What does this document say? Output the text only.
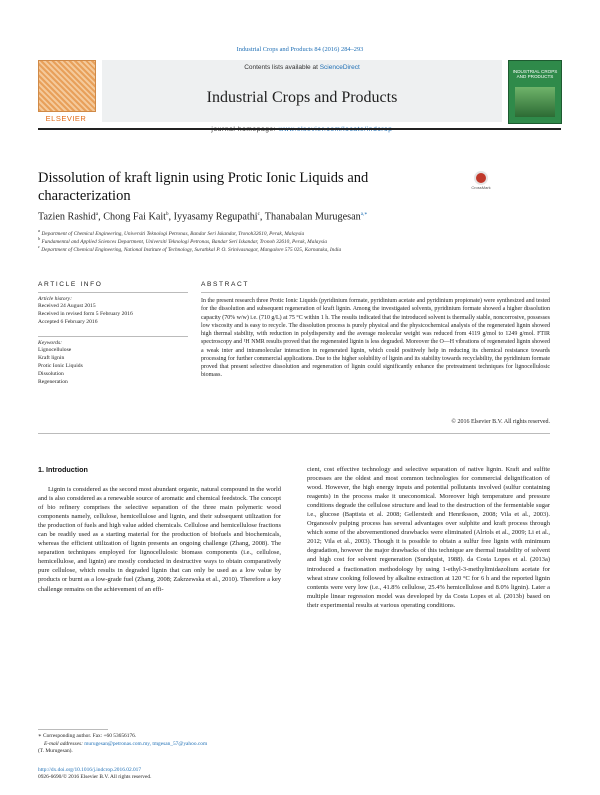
Industrial Crops and Products 84 (2016) 284–293
ELSEVIER
Contents lists available at ScienceDirect
Industrial Crops and Products
INDUSTRIAL CROPS AND PRODUCTS
Dissolution of kraft lignin using Protic Ionic Liquids and characterization
CrossMark
Tazien Rashid$^a$, Chong Fai Kait$^b$, Iyyasamy Regupathi$^c$, Thanabalan Murugesan$^{a,∗}$
$^a$ Department of Chemical Engineering, Universiti Teknologi Petronas, Bandar Seri Iskandar, Tronoh32610, Perak, Malaysia
$^b$ Fundamental and Applied Sciences Department, Universiti Teknologi Petronas, Bandar Seri Iskandar, Tronoh 32610, Perak, Malaysia
$^c$ Department of Chemical Engineering, National Institute of Technology, Surathkal P. O. Srinivasnagar, Mangalore 575 025, Karnataka, India
ARTICLE INFO	ABSTRACT
Article history:
Received 24 August 2015
Received in revised form 5 February 2016
Accepted 6 February 2016
Keywords:
Lignocellulose
Kraft lignin
Protic Ionic Liquids
Dissolution
Regeneration
In the present research three Protic Ionic Liquids (pyridinium formate, pyridinium acetate and pyridinium propionate) were synthesized and tested for the dissolution and subsequent regeneration of kraft lignin. Among the investigated solvents, pyridinium formate showed a higher dissolution capacity (70% w/w) i.e. (710 g/L) at 75 °C within 1 h. The results indicated that the introduced solvent is thermally stable, noncorrosive, possesses low viscosity and is easy to recycle. The dissolution process is purely physical and the physicochemical analysis of the regenerated lignin showed high thermal stability, with reduction in polydispersity and the average molecular weight was reduced from 4119 g/mol to 1249 g/mol. FTIR spectroscopy and ¹H NMR results proved that the regenerated lignin is less degraded. Moreover the O—H vibrations of regenerated lignin showed a weak inter and intramolecular interaction in regenerated lignin, which could positively help in reducing its chemical resistance towards processing for further commercial applications. Due to the higher solubility of lignin and its stability towards recyclability, the pyridinium formate proved that present selective dissolution and regeneration of lignin could significantly enhance the pretreatment techniques for lignocellulosic biomass.
© 2016 Elsevier B.V. All rights reserved.
1. Introduction

Lignin is considered as the second most abundant organic, natural compound in the world and is also considered as a renewable source of aromatic and chemical feedstock. The concept of bio refinery comprises the selective separation of the three main polymeric wood components namely, cellulose, hemicellulose and lignin, and their subsequent utilization for the production of fuels and high value added chemicals. Cellulose and hemicellulose fractions can be readily used as a starting material for the production of biofuels and biochemicals, whereas the efficient utilization of lignin presents an ongoing challenge (Zhang, 2008). The separation techniques employed for lignocellulosic biomass components (i.e., cellulose, hemicellulose, and lignin) are mostly conducted in destructive ways to obtain comparatively pure cellulose, which results in degraded lignin that can only be used as a low value by products or burnt as a low-grade fuel (Zhang, 2008; Zakrzewska et al., 2010). Therefore a key challenge remains on the achievement of an effi-

cient, cost effective technology and selective separation of native lignin. Kraft and sulfite processes are the oldest and most common technologies for commercial delignification of wood. However, the high energy inputs and potential pollutants involved (sulfur containing reagents) in the process make it uneconomical. Moreover high temperature and pressure conditions degrade the cellulose structure and lead to the destruction of the fermentable sugar i.e., glucose (Baptista et al. 2008; Gellerstedt and Henriksson, 2008; Vila et al., 2003). Organosolv pulping process has several advantages over sulphite and kraft process through which some of the abovementioned drawbacks were eliminated (Alriols et al., 2009; Li et al., 2012; Vila et al., 2003). Though it is possible to obtain a sulfur free lignin with minimum degradation, however the major drawbacks of this technique are thermal instability of solvent and high cost for solvent regeneration (Sundquist, 1988). da Costa Lopes et al. (2013a) introduced a fractionation methodology by using 1-ethyl-3-methylimidazolium acetate for wheat straw cooking followed by alkaline extraction at 120 °C for 6 h and the reported lignin contents were very low (i.e., 41.8% cellulose, 25.4% hemicellulose and 8.0% lignin). Later a multiple linear regression model was developed by da Costa Lopes et al. (2013b) based on their experimental results at various operating conditions.

∗ Corresponding author. Fax: +60 53656176.
E-mail addresses: murugesan@petronas.com.my, tmgesan_57@yahoo.com
(T. Murugesan).
http://dx.doi.org/10.1016/j.indcrop.2016.02.017
0926-6690/© 2016 Elsevier B.V. All rights reserved.
